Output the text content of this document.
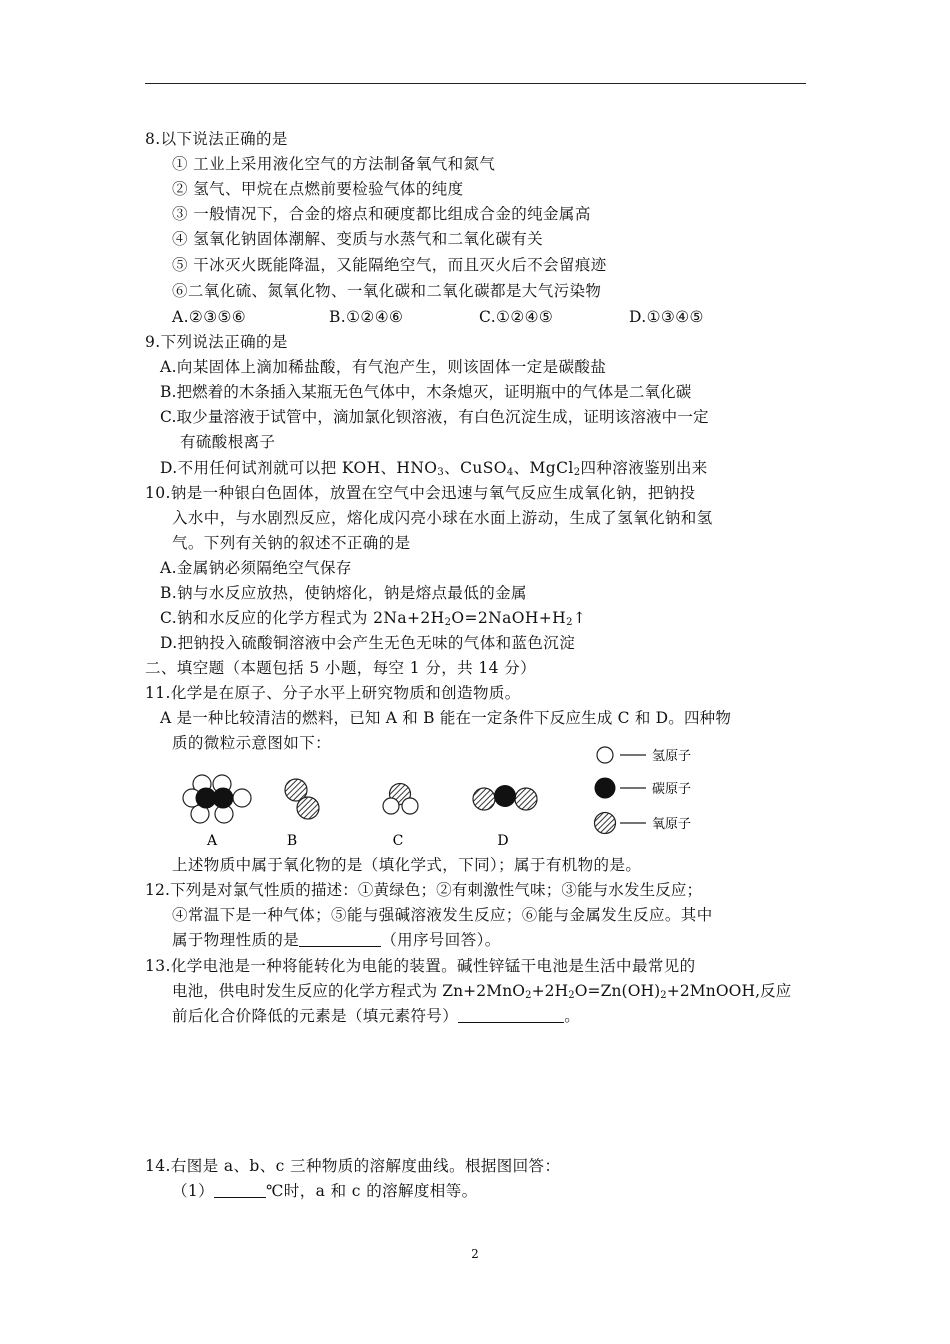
8.以下说法正确的是
① 工业上采用液化空气的方法制备氧气和氮气
② 氢气、甲烷在点燃前要检验气体的纯度
③ 一般情况下，合金的熔点和硬度都比组成合金的纯金属高
④ 氢氧化钠固体潮解、变质与水蒸气和二氧化碳有关
⑤ 干冰灭火既能降温，又能隔绝空气，而且灭火后不会留痕迹
⑥二氧化硫、氮氧化物、一氧化碳和二氧化碳都是大气污染物
A.②③⑤⑥	B.①②④⑥	C.①②④⑤	D.①③④⑤
9.下列说法正确的是
A.向某固体上滴加稀盐酸，有气泡产生，则该固体一定是碳酸盐
B.把燃着的木条插入某瓶无色气体中，木条熄灭，证明瓶中的气体是二氧化碳
C.取少量溶液于试管中，滴加氯化钡溶液，有白色沉淀生成，证明该溶液中一定
有硫酸根离子
D.不用任何试剂就可以把 KOH、$HNO_3$、CuSO$_4$、MgCl$_2$四种溶液鉴别出来
10.钠是一种银白色固体，放置在空气中会迅速与氧气反应生成氧化钠，把钠投
入水中，与水剧烈反应，熔化成闪亮小球在水面上游动，生成了氢氧化钠和氢
气。下列有关钠的叙述不正确的是
A.金属钠必须隔绝空气保存
B.钠与水反应放热，使钠熔化，钠是熔点最低的金属
C.钠和水反应的化学方程式为 $2Na+2H_2O=2NaOH+H_2↑$
D.把钠投入硫酸铜溶液中会产生无色无味的气体和蓝色沉淀
二、填空题（本题包括 5 小题，每空 1 分，共 14 分）
11.化学是在原子、分子水平上研究物质和创造物质。
A 是一种比较清洁的燃料，已知 A 和 B 能在一定条件下反应生成 C 和 D。四种物
质的微粒示意图如下：
A	B	C	D
氢原子
碳原子
氧原子
上述物质中属于氧化物的是（填化学式，下同）；属于有机物的是。
12.下列是对氯气性质的描述：①黄绿色；②有刺激性气味；③能与水发生反应；
④常温下是一种气体；⑤能与强碱溶液发生反应；⑥能与金属发生反应。其中
属于物理性质的是	（用序号回答）。
13.化学电池是一种将能转化为电能的装置。碱性锌锰干电池是生活中最常见的
电池，供电时发生反应的化学方程式为 $Zn+2MnO_2+2H_2O=Zn(OH)_2+2MnOOH$,反应
前后化合价降低的元素是（填元素符号）	。
14.右图是 a、b、c 三种物质的溶解度曲线。根据图回答：
（1）	℃时，a 和 c 的溶解度相等。
2
